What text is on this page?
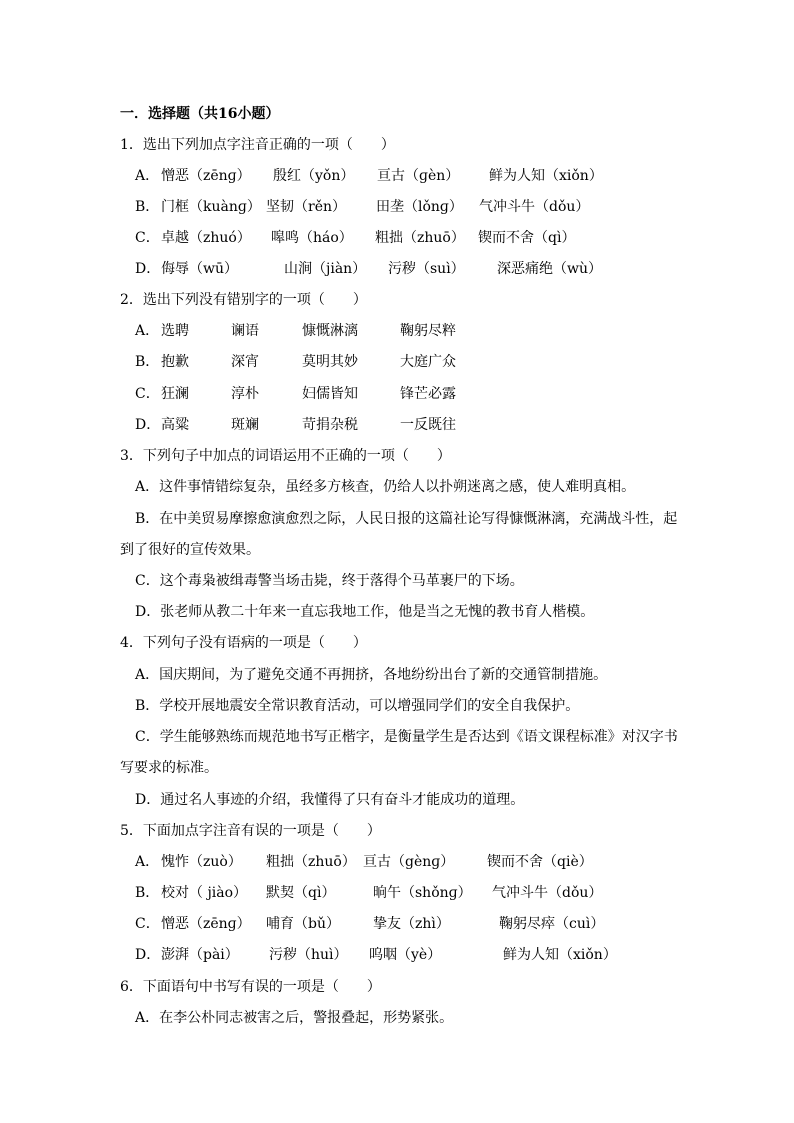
一．选择题（共16小题）
1．选出下列加点字注音正确的一项（　　）
A． 憎恶（zēnɡ）	殷红（yǒn）	亘古（ɡèn）	鲜为人知（xiǒn）
B． 门框（kuànɡ） 坚韧（rěn）	田垄（lǒnɡ）	气冲斗牛（dǒu）
C． 卓越（zhuó）	嗥鸣（háo）	粗拙（zhuō） 锲而不舍（qì）
D． 侮辱（wū）	山涧（jiàn）	污秽（suì）	深恶痛绝（wù）
2．选出下列没有错别字的一项（　　）
A． 选聘	谰语	慷慨淋漓	鞠躬尽粹
B． 抱歉	深宵	莫明其妙	大庭广众
C． 狂澜	淳朴	妇儒皆知	锋芒必露
D． 高粱	斑斓	苛捐杂税	一反既往
3．下列句子中加点的词语运用不正确的一项（　　）
A．这件事情错综复杂，虽经多方核查，仍给人以扑朔迷离之感，使人难明真相。
B．在中美贸易摩擦愈演愈烈之际，人民日报的这篇社论写得慷慨淋漓，充满战斗性，起
到了很好的宣传效果。
C．这个毒枭被缉毒警当场击毙，终于落得个马革裹尸的下场。
D．张老师从教二十年来一直忘我地工作，他是当之无愧的教书育人楷模。
4．下列句子没有语病的一项是（　　）
A．国庆期间，为了避免交通不再拥挤，各地纷纷出台了新的交通管制措施。
B．学校开展地震安全常识教育活动，可以增强同学们的安全自我保护。
C．学生能够熟练而规范地书写正楷字，是衡量学生是否达到《语文课程标准》对汉字书
写要求的标准。
D．通过名人事迹的介绍，我懂得了只有奋斗才能成功的道理。
5．下面加点字注音有误的一项是（　　）
A． 愧怍（zuò）	粗拙（zhuō） 亘古（gènɡ）	锲而不舍（qiè）
B． 校对（ jiào）	默契（qì）	晌午（shǒnɡ）	气冲斗牛（dǒu）
C． 憎恶（zēnɡ）	哺育（bǔ）	挚友（zhì）	鞠躬尽瘁（cuì）
D． 澎湃（pài）	污秽（huì）	呜咽（yè）	鲜为人知（xiǒn）
6．下面语句中书写有误的一项是（　　）
A．在李公朴同志被害之后，警报叠起，形势紧张。
